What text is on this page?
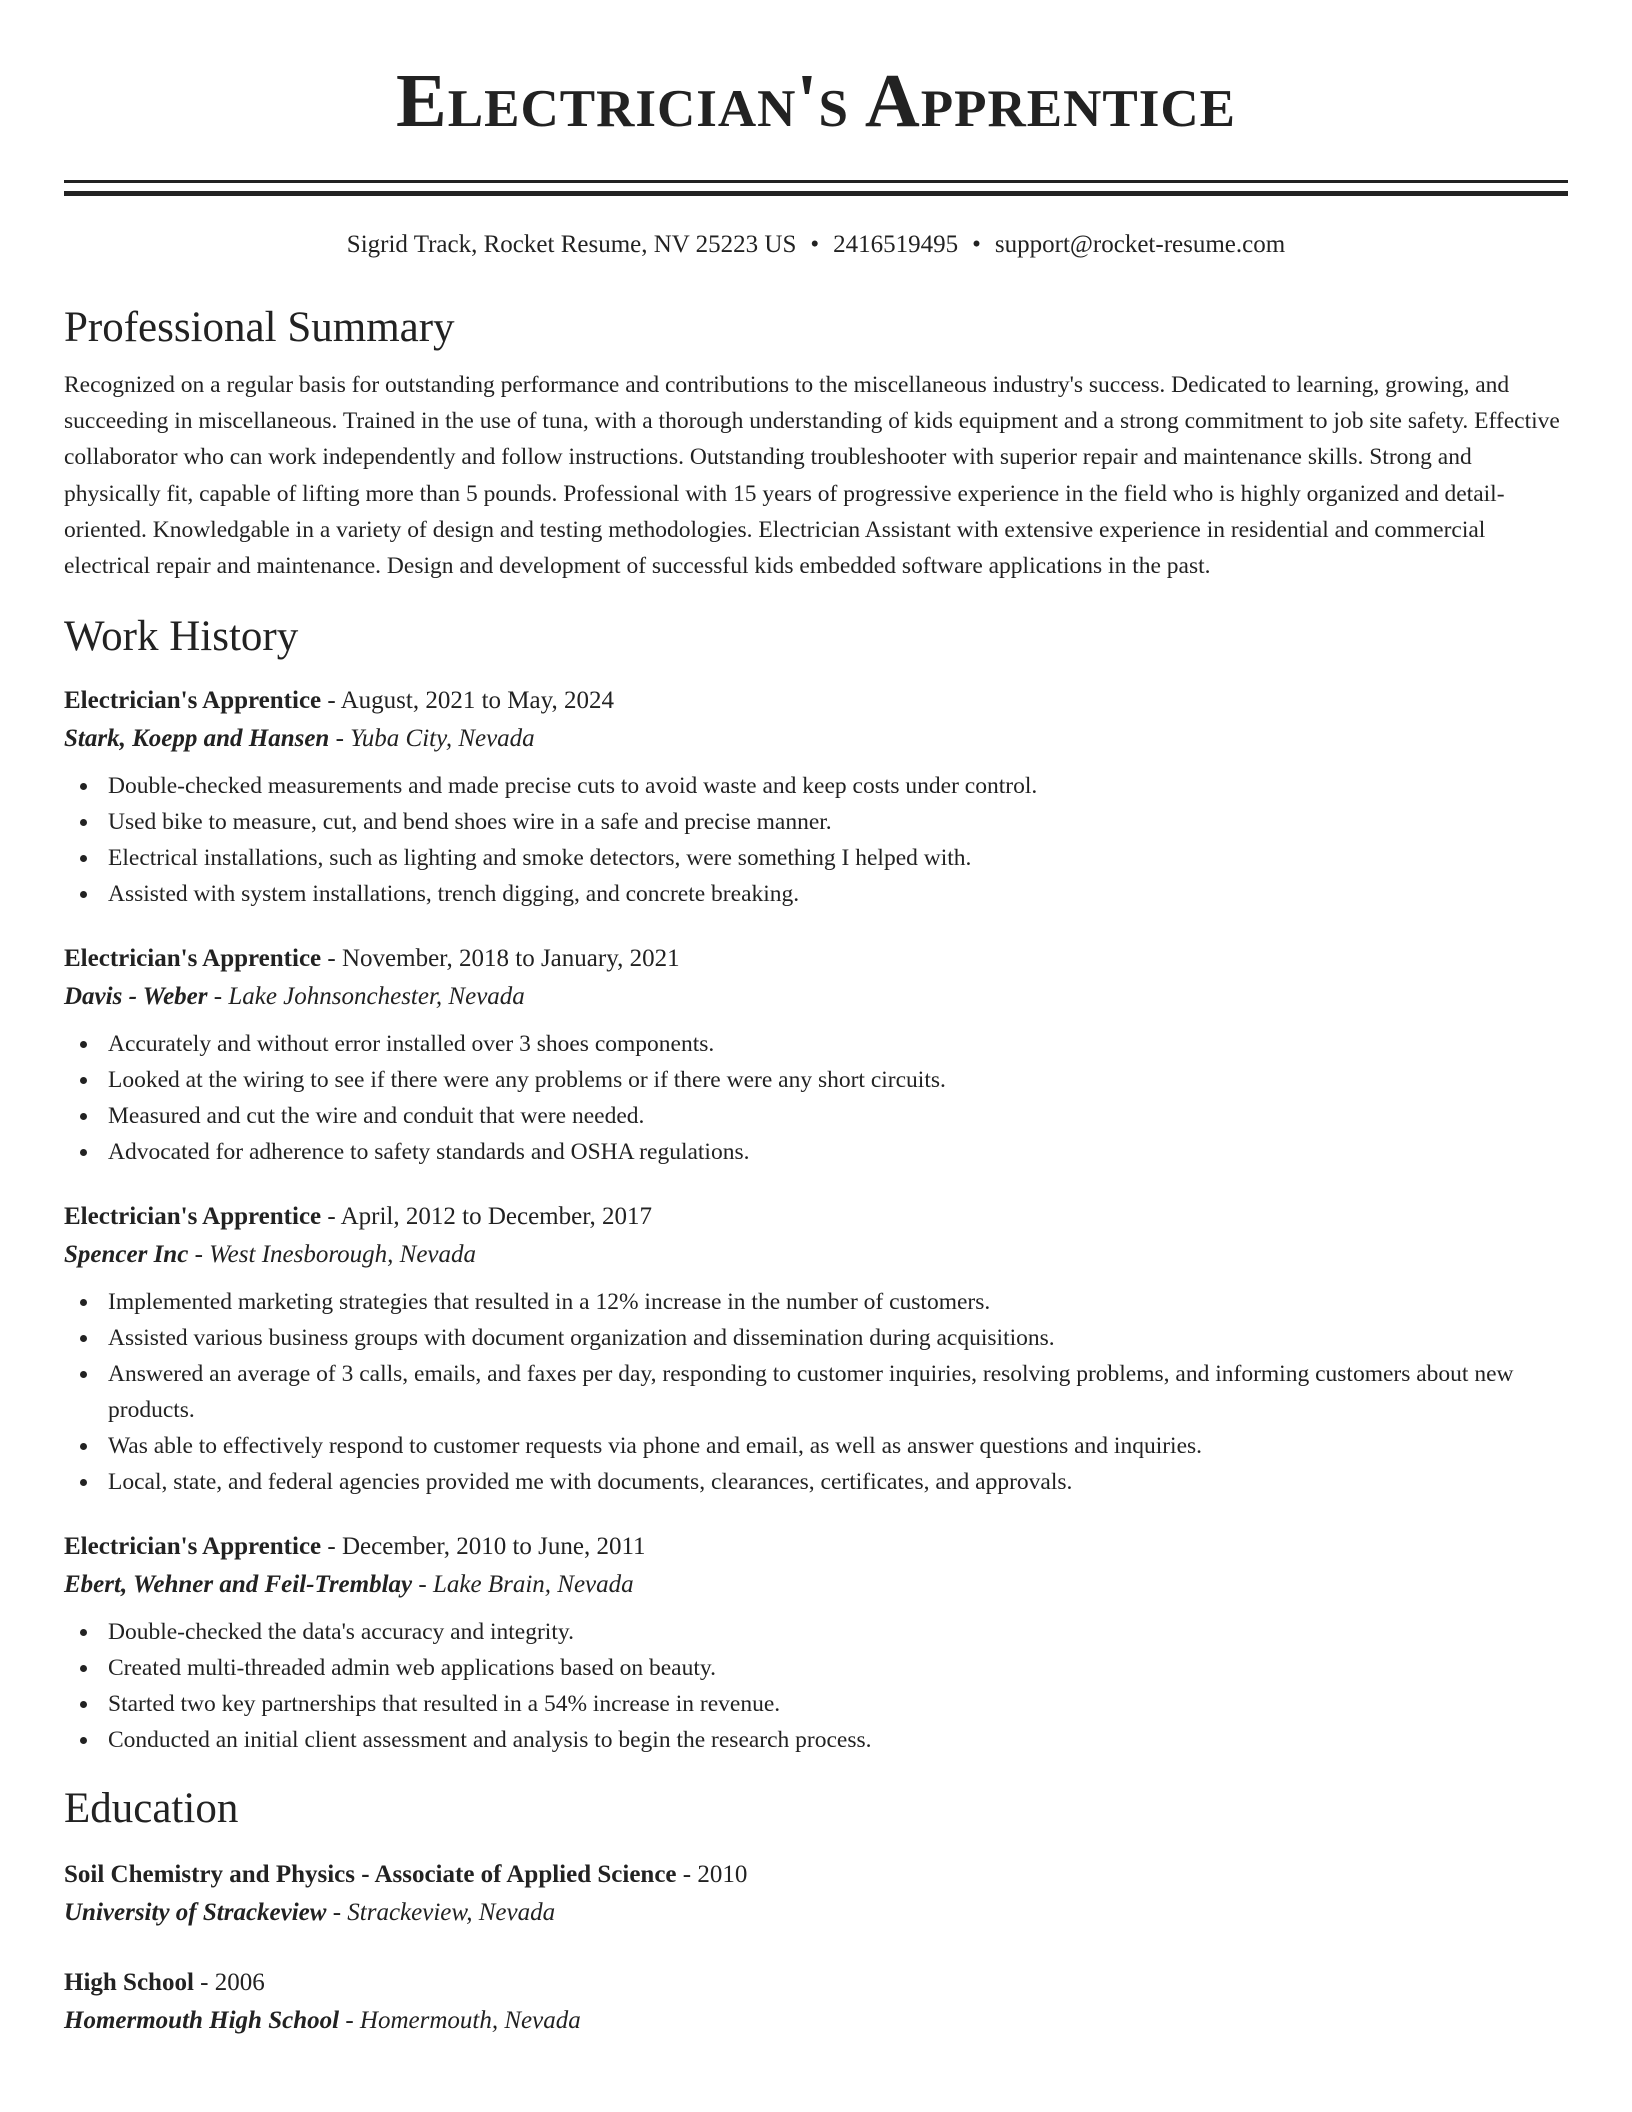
Electrician's Apprentice
Sigrid Track, Rocket Resume, NV 25223 US • 2416519495 • support@rocket-resume.com
Professional Summary

Recognized on a regular basis for outstanding performance and contributions to the miscellaneous industry's success. Dedicated to learning, growing, and succeeding in miscellaneous. Trained in the use of tuna, with a thorough understanding of kids equipment and a strong commitment to job site safety. Effective collaborator who can work independently and follow instructions. Outstanding troubleshooter with superior repair and maintenance skills. Strong and physically fit, capable of lifting more than 5 pounds. Professional with 15 years of progressive experience in the field who is highly organized and detail-oriented. Knowledgable in a variety of design and testing methodologies. Electrician Assistant with extensive experience in residential and commercial electrical repair and maintenance. Design and development of successful kids embedded software applications in the past.

Work History
Electrician's Apprentice - August, 2021 to May, 2024
Stark, Koepp and Hansen - Yuba City, Nevada
Double-checked measurements and made precise cuts to avoid waste and keep costs under control.
Used bike to measure, cut, and bend shoes wire in a safe and precise manner.
Electrical installations, such as lighting and smoke detectors, were something I helped with.
Assisted with system installations, trench digging, and concrete breaking.
Electrician's Apprentice - November, 2018 to January, 2021
Davis - Weber - Lake Johnsonchester, Nevada
Accurately and without error installed over 3 shoes components.
Looked at the wiring to see if there were any problems or if there were any short circuits.
Measured and cut the wire and conduit that were needed.
Advocated for adherence to safety standards and OSHA regulations.
Electrician's Apprentice - April, 2012 to December, 2017
Spencer Inc - West Inesborough, Nevada
Implemented marketing strategies that resulted in a 12% increase in the number of customers.
Assisted various business groups with document organization and dissemination during acquisitions.
Answered an average of 3 calls, emails, and faxes per day, responding to customer inquiries, resolving problems, and informing customers about new products.
Was able to effectively respond to customer requests via phone and email, as well as answer questions and inquiries.
Local, state, and federal agencies provided me with documents, clearances, certificates, and approvals.
Electrician's Apprentice - December, 2010 to June, 2011
Ebert, Wehner and Feil-Tremblay - Lake Brain, Nevada
Double-checked the data's accuracy and integrity.
Created multi-threaded admin web applications based on beauty.
Started two key partnerships that resulted in a 54% increase in revenue.
Conducted an initial client assessment and analysis to begin the research process.
Education
Soil Chemistry and Physics - Associate of Applied Science - 2010
University of Strackeview - Strackeview, Nevada
High School - 2006
Homermouth High School - Homermouth, Nevada
